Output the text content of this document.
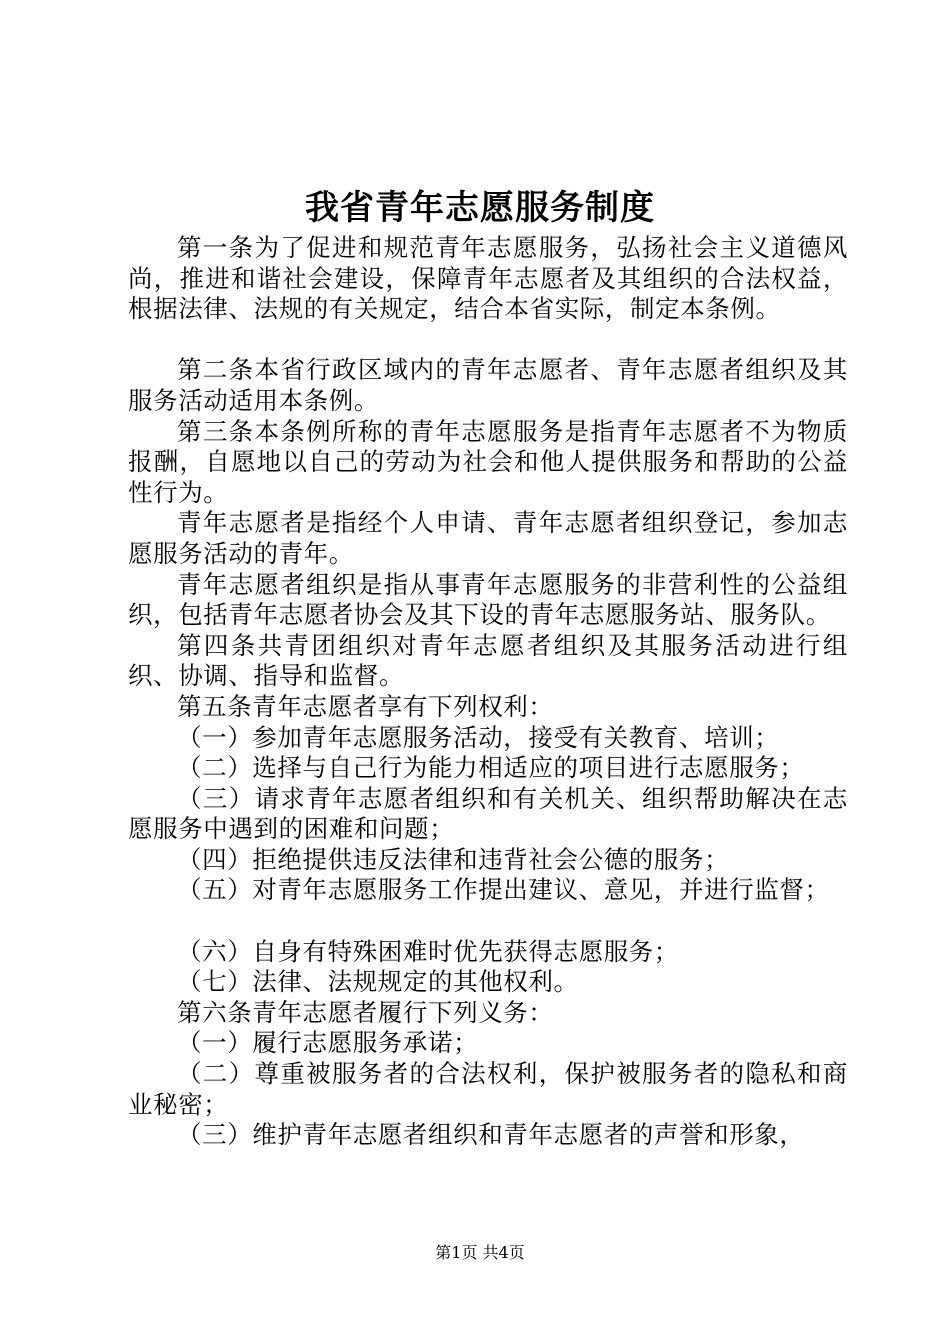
我省青年志愿服务制度

第一条为了促进和规范青年志愿服务，弘扬社会主义道德风尚，推进和谐社会建设，保障青年志愿者及其组织的合法权益，根据法律、法规的有关规定，结合本省实际，制定本条例。

第二条本省行政区域内的青年志愿者、青年志愿者组织及其服务活动适用本条例。

第三条本条例所称的青年志愿服务是指青年志愿者不为物质报酬，自愿地以自己的劳动为社会和他人提供服务和帮助的公益性行为。

青年志愿者是指经个人申请、青年志愿者组织登记，参加志愿服务活动的青年。

青年志愿者组织是指从事青年志愿服务的非营利性的公益组织，包括青年志愿者协会及其下设的青年志愿服务站、服务队。

第四条共青团组织对青年志愿者组织及其服务活动进行组织、协调、指导和监督。

第五条青年志愿者享有下列权利：

（一）参加青年志愿服务活动，接受有关教育、培训；

（二）选择与自己行为能力相适应的项目进行志愿服务；

（三）请求青年志愿者组织和有关机关、组织帮助解决在志愿服务中遇到的困难和问题；

（四）拒绝提供违反法律和违背社会公德的服务；

（五）对青年志愿服务工作提出建议、意见，并进行监督；

（六）自身有特殊困难时优先获得志愿服务；

（七）法律、法规规定的其他权利。

第六条青年志愿者履行下列义务：

（一）履行志愿服务承诺；

（二）尊重被服务者的合法权利，保护被服务者的隐私和商业秘密；

（三）维护青年志愿者组织和青年志愿者的声誉和形象，

第1页 共4页
